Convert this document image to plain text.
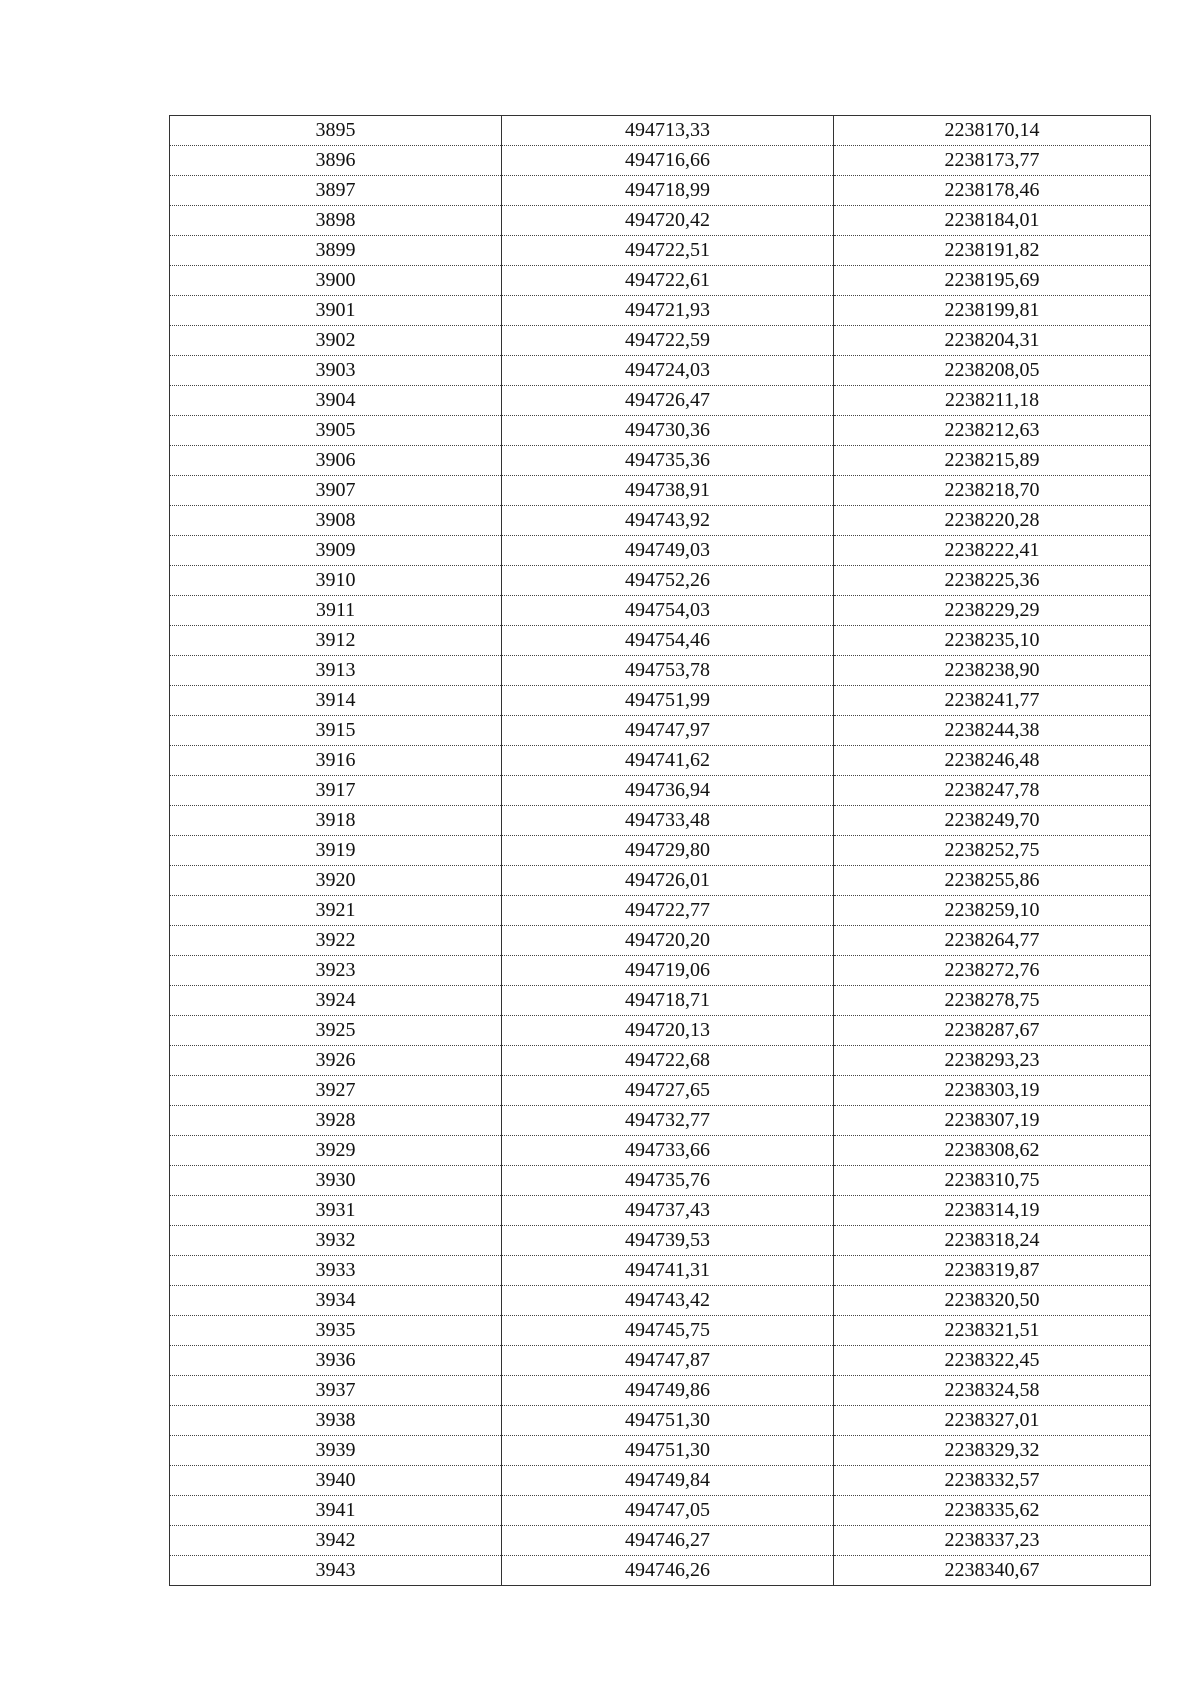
3895	494713,33	2238170,14
3896	494716,66	2238173,77
3897	494718,99	2238178,46
3898	494720,42	2238184,01
3899	494722,51	2238191,82
3900	494722,61	2238195,69
3901	494721,93	2238199,81
3902	494722,59	2238204,31
3903	494724,03	2238208,05
3904	494726,47	2238211,18
3905	494730,36	2238212,63
3906	494735,36	2238215,89
3907	494738,91	2238218,70
3908	494743,92	2238220,28
3909	494749,03	2238222,41
3910	494752,26	2238225,36
3911	494754,03	2238229,29
3912	494754,46	2238235,10
3913	494753,78	2238238,90
3914	494751,99	2238241,77
3915	494747,97	2238244,38
3916	494741,62	2238246,48
3917	494736,94	2238247,78
3918	494733,48	2238249,70
3919	494729,80	2238252,75
3920	494726,01	2238255,86
3921	494722,77	2238259,10
3922	494720,20	2238264,77
3923	494719,06	2238272,76
3924	494718,71	2238278,75
3925	494720,13	2238287,67
3926	494722,68	2238293,23
3927	494727,65	2238303,19
3928	494732,77	2238307,19
3929	494733,66	2238308,62
3930	494735,76	2238310,75
3931	494737,43	2238314,19
3932	494739,53	2238318,24
3933	494741,31	2238319,87
3934	494743,42	2238320,50
3935	494745,75	2238321,51
3936	494747,87	2238322,45
3937	494749,86	2238324,58
3938	494751,30	2238327,01
3939	494751,30	2238329,32
3940	494749,84	2238332,57
3941	494747,05	2238335,62
3942	494746,27	2238337,23
3943	494746,26	2238340,67
